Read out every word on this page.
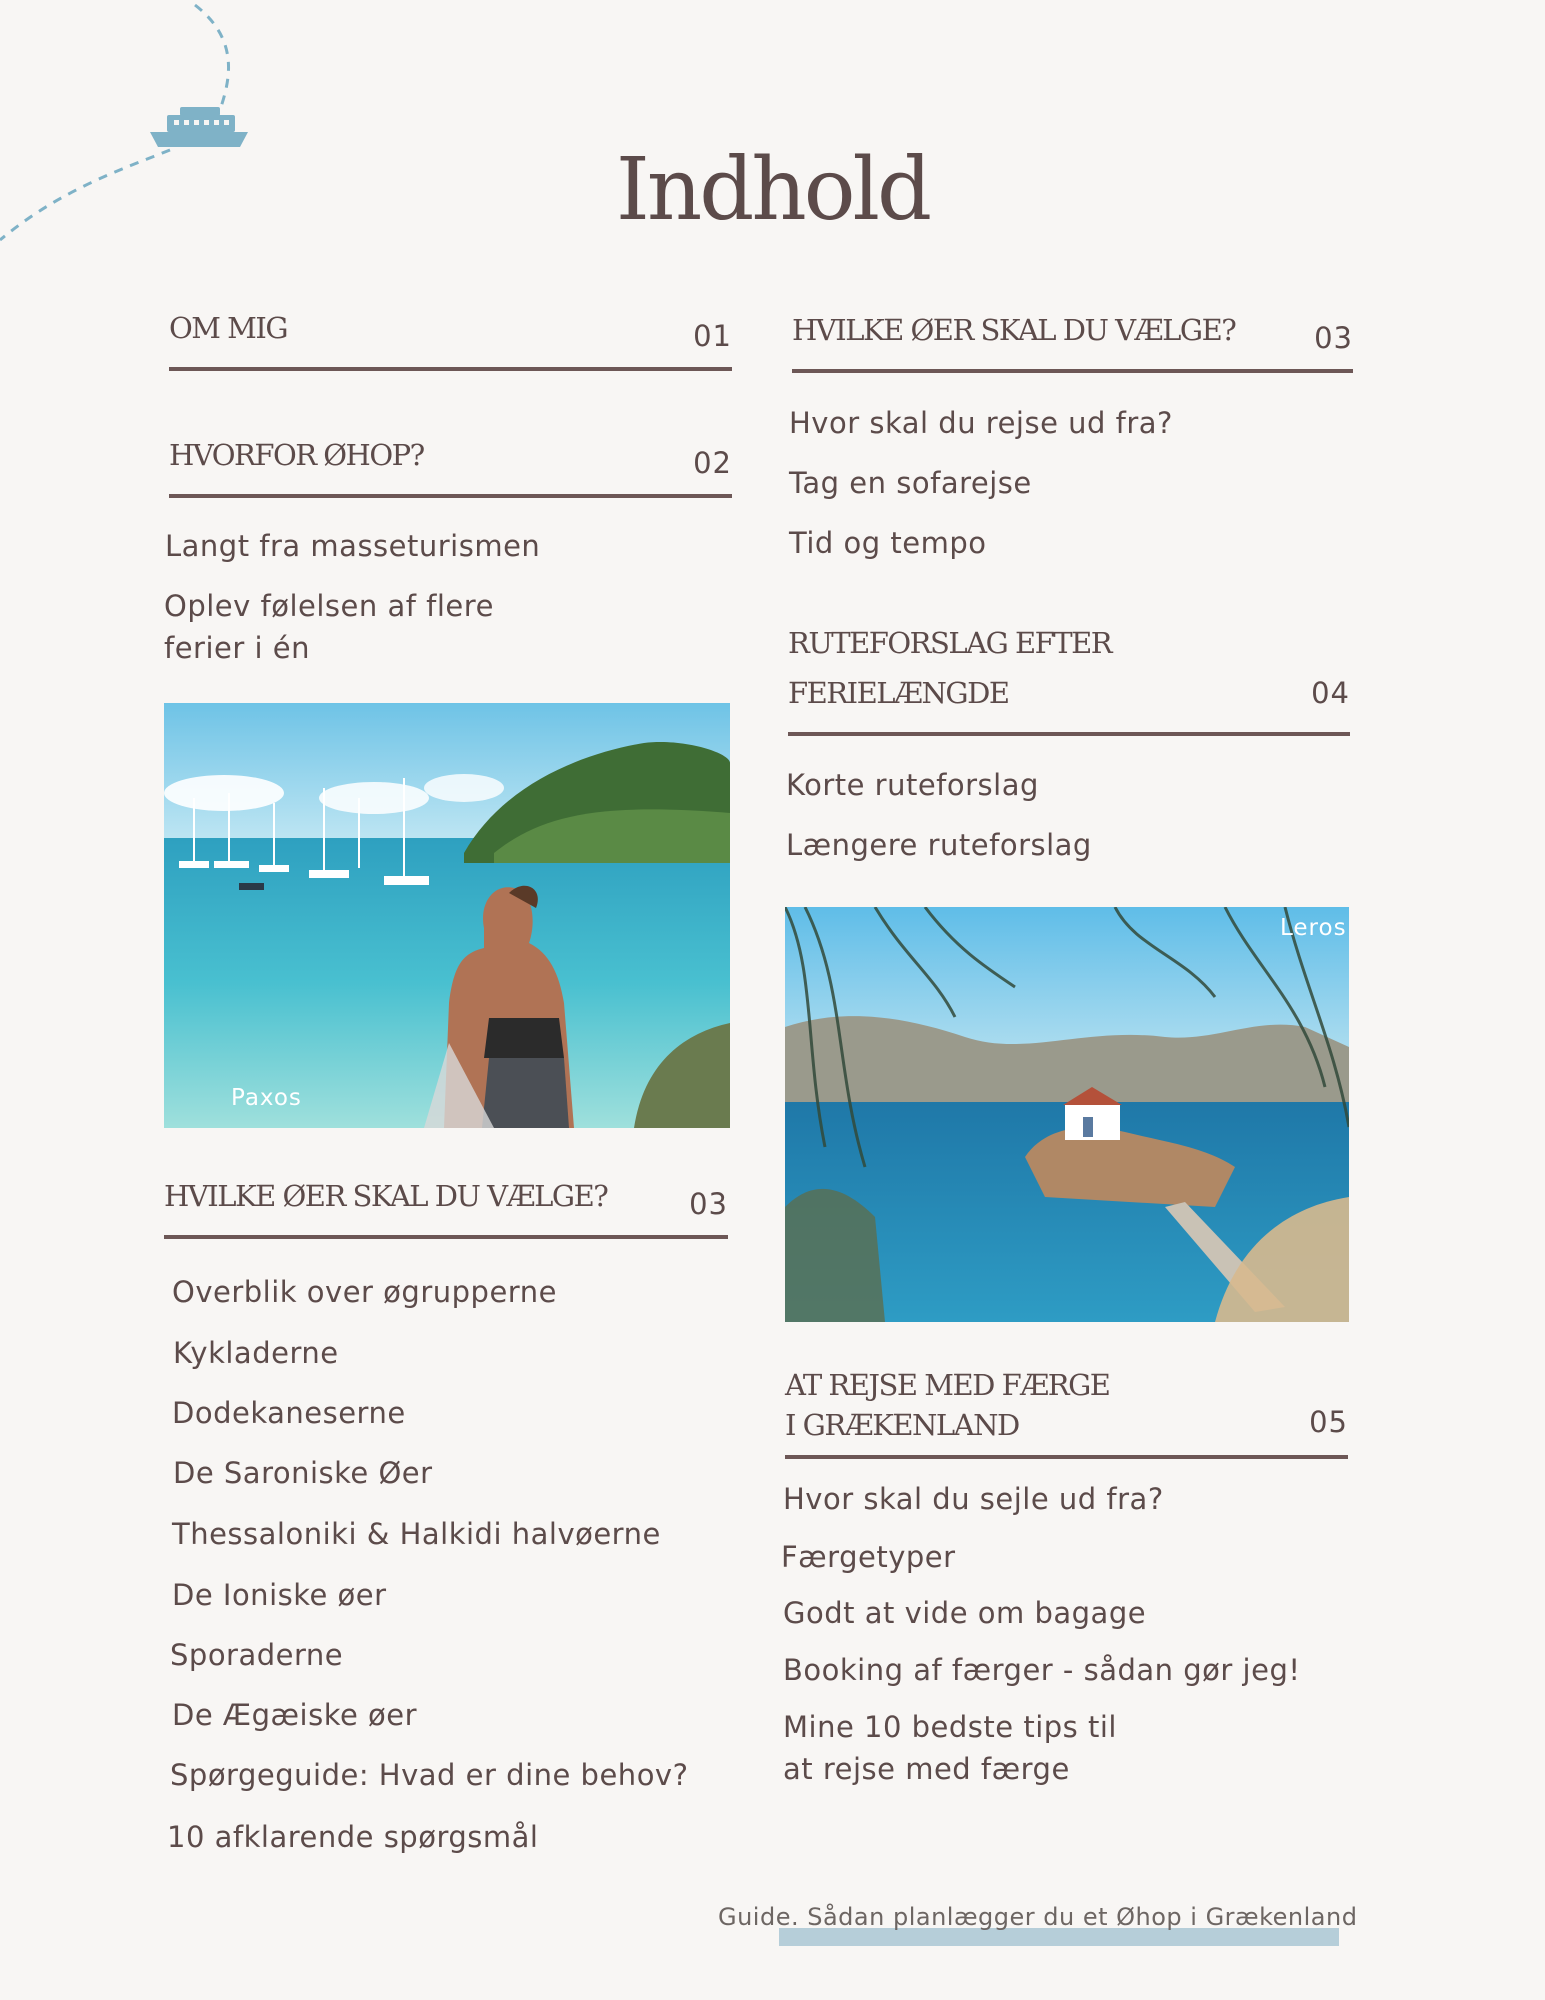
Indhold
OM MIG	01
HVORFOR ØHOP?	02
Langt fra masseturismen
Oplev følelsen af flere
ferier i én
Paxos
HVILKE ØER SKAL DU VÆLGE?	03
Overblik over øgrupperne
Kykladerne
Dodekaneserne
De Saroniske Øer
Thessaloniki & Halkidi halvøerne
De Ioniske øer
Sporaderne
De Ægæiske øer
Spørgeguide: Hvad er dine behov?
10 afklarende spørgsmål
HVILKE ØER SKAL DU VÆLGE?	03
Hvor skal du rejse ud fra?
Tag en sofarejse
Tid og tempo
RUTEFORSLAG EFTER
FERIELÆNGDE	04
Korte ruteforslag
Længere ruteforslag
Leros
AT REJSE MED FÆRGE
I GRÆKENLAND	05
Hvor skal du sejle ud fra?
Færgetyper
Godt at vide om bagage
Booking af færger - sådan gør jeg!
Mine 10 bedste tips til
at rejse med færge
Guide. Sådan planlægger du et Øhop i Grækenland
